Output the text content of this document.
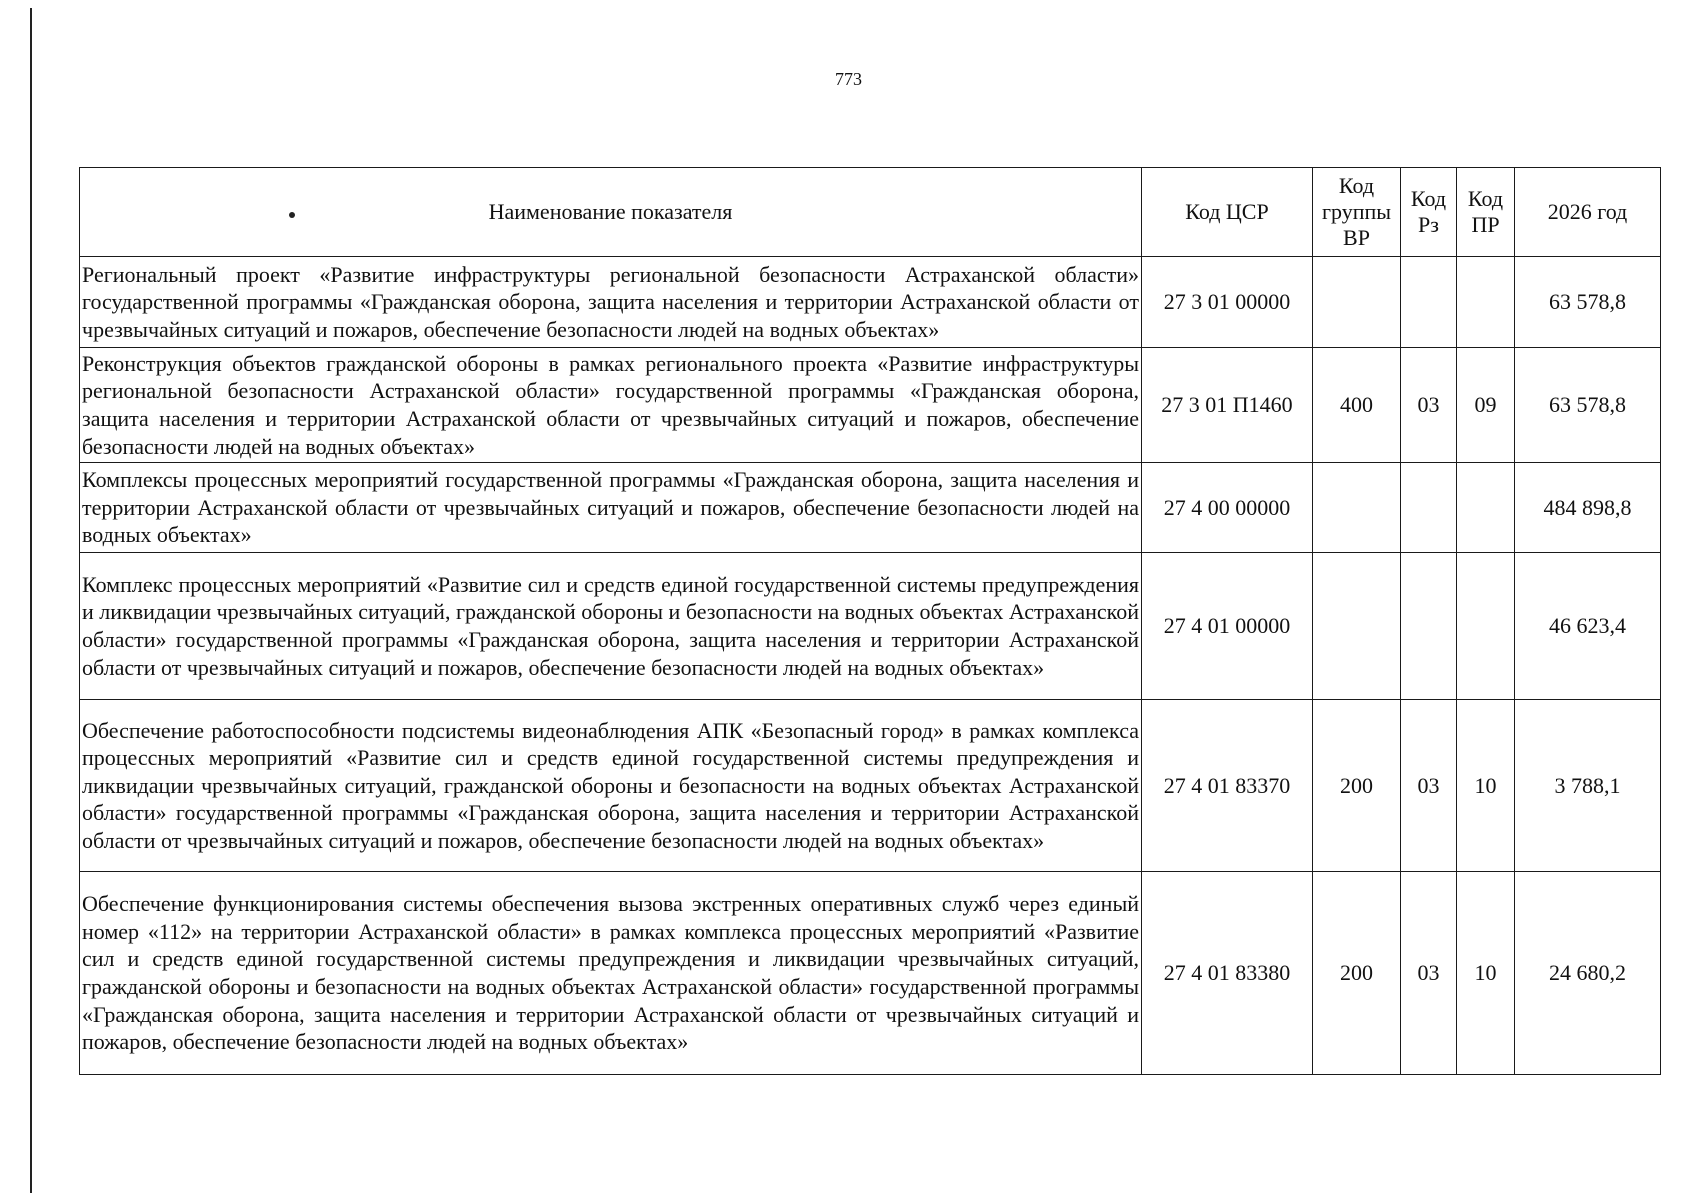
773
Наименование показателя	Код ЦСР	Код группы ВР	Код Рз	Код ПР	2026 год
Региональный проект «Развитие инфраструктуры региональной безопасности Астраханской области» государственной программы «Гражданская оборона, защита населения и территории Астраханской области от чрезвычайных ситуаций и пожаров, обеспечение безопасности людей на водных объектах»	27 3 01 00000				63 578,8
Реконструкция объектов гражданской обороны в рамках регионального проекта «Развитие инфраструктуры региональной безопасности Астраханской области» государственной программы «Гражданская оборона, защита населения и территории Астраханской области от чрезвычайных ситуаций и пожаров, обеспечение безопасности людей на водных объектах»	27 3 01 П1460	400	03	09	63 578,8
Комплексы процессных мероприятий государственной программы «Гражданская оборона, защита населения и территории Астраханской области от чрезвычайных ситуаций и пожаров, обеспечение безопасности людей на водных объектах»	27 4 00 00000				484 898,8
Комплекс процессных мероприятий «Развитие сил и средств единой государственной системы предупреждения и ликвидации чрезвычайных ситуаций, гражданской обороны и безопасности на водных объектах Астраханской области» государственной программы «Гражданская оборона, защита населения и территории Астраханской области от чрезвычайных ситуаций и пожаров, обеспечение безопасности людей на водных объектах»	27 4 01 00000				46 623,4
Обеспечение работоспособности подсистемы видеонаблюдения АПК «Безопасный город» в рамках комплекса процессных мероприятий «Развитие сил и средств единой государственной системы предупреждения и ликвидации чрезвычайных ситуаций, гражданской обороны и безопасности на водных объектах Астраханской области» государственной программы «Гражданская оборона, защита населения и территории Астраханской области от чрезвычайных ситуаций и пожаров, обеспечение безопасности людей на водных объектах»	27 4 01 83370	200	03	10	3 788,1
Обеспечение функционирования системы обеспечения вызова экстренных оперативных служб через единый номер «112» на территории Астраханской области» в рамках комплекса процессных мероприятий «Развитие сил и средств единой государственной системы предупреждения и ликвидации чрезвычайных ситуаций, гражданской обороны и безопасности на водных объектах Астраханской области» государственной программы «Гражданская оборона, защита населения и территории Астраханской области от чрезвычайных ситуаций и пожаров, обеспечение безопасности людей на водных объектах»	27 4 01 83380	200	03	10	24 680,2
